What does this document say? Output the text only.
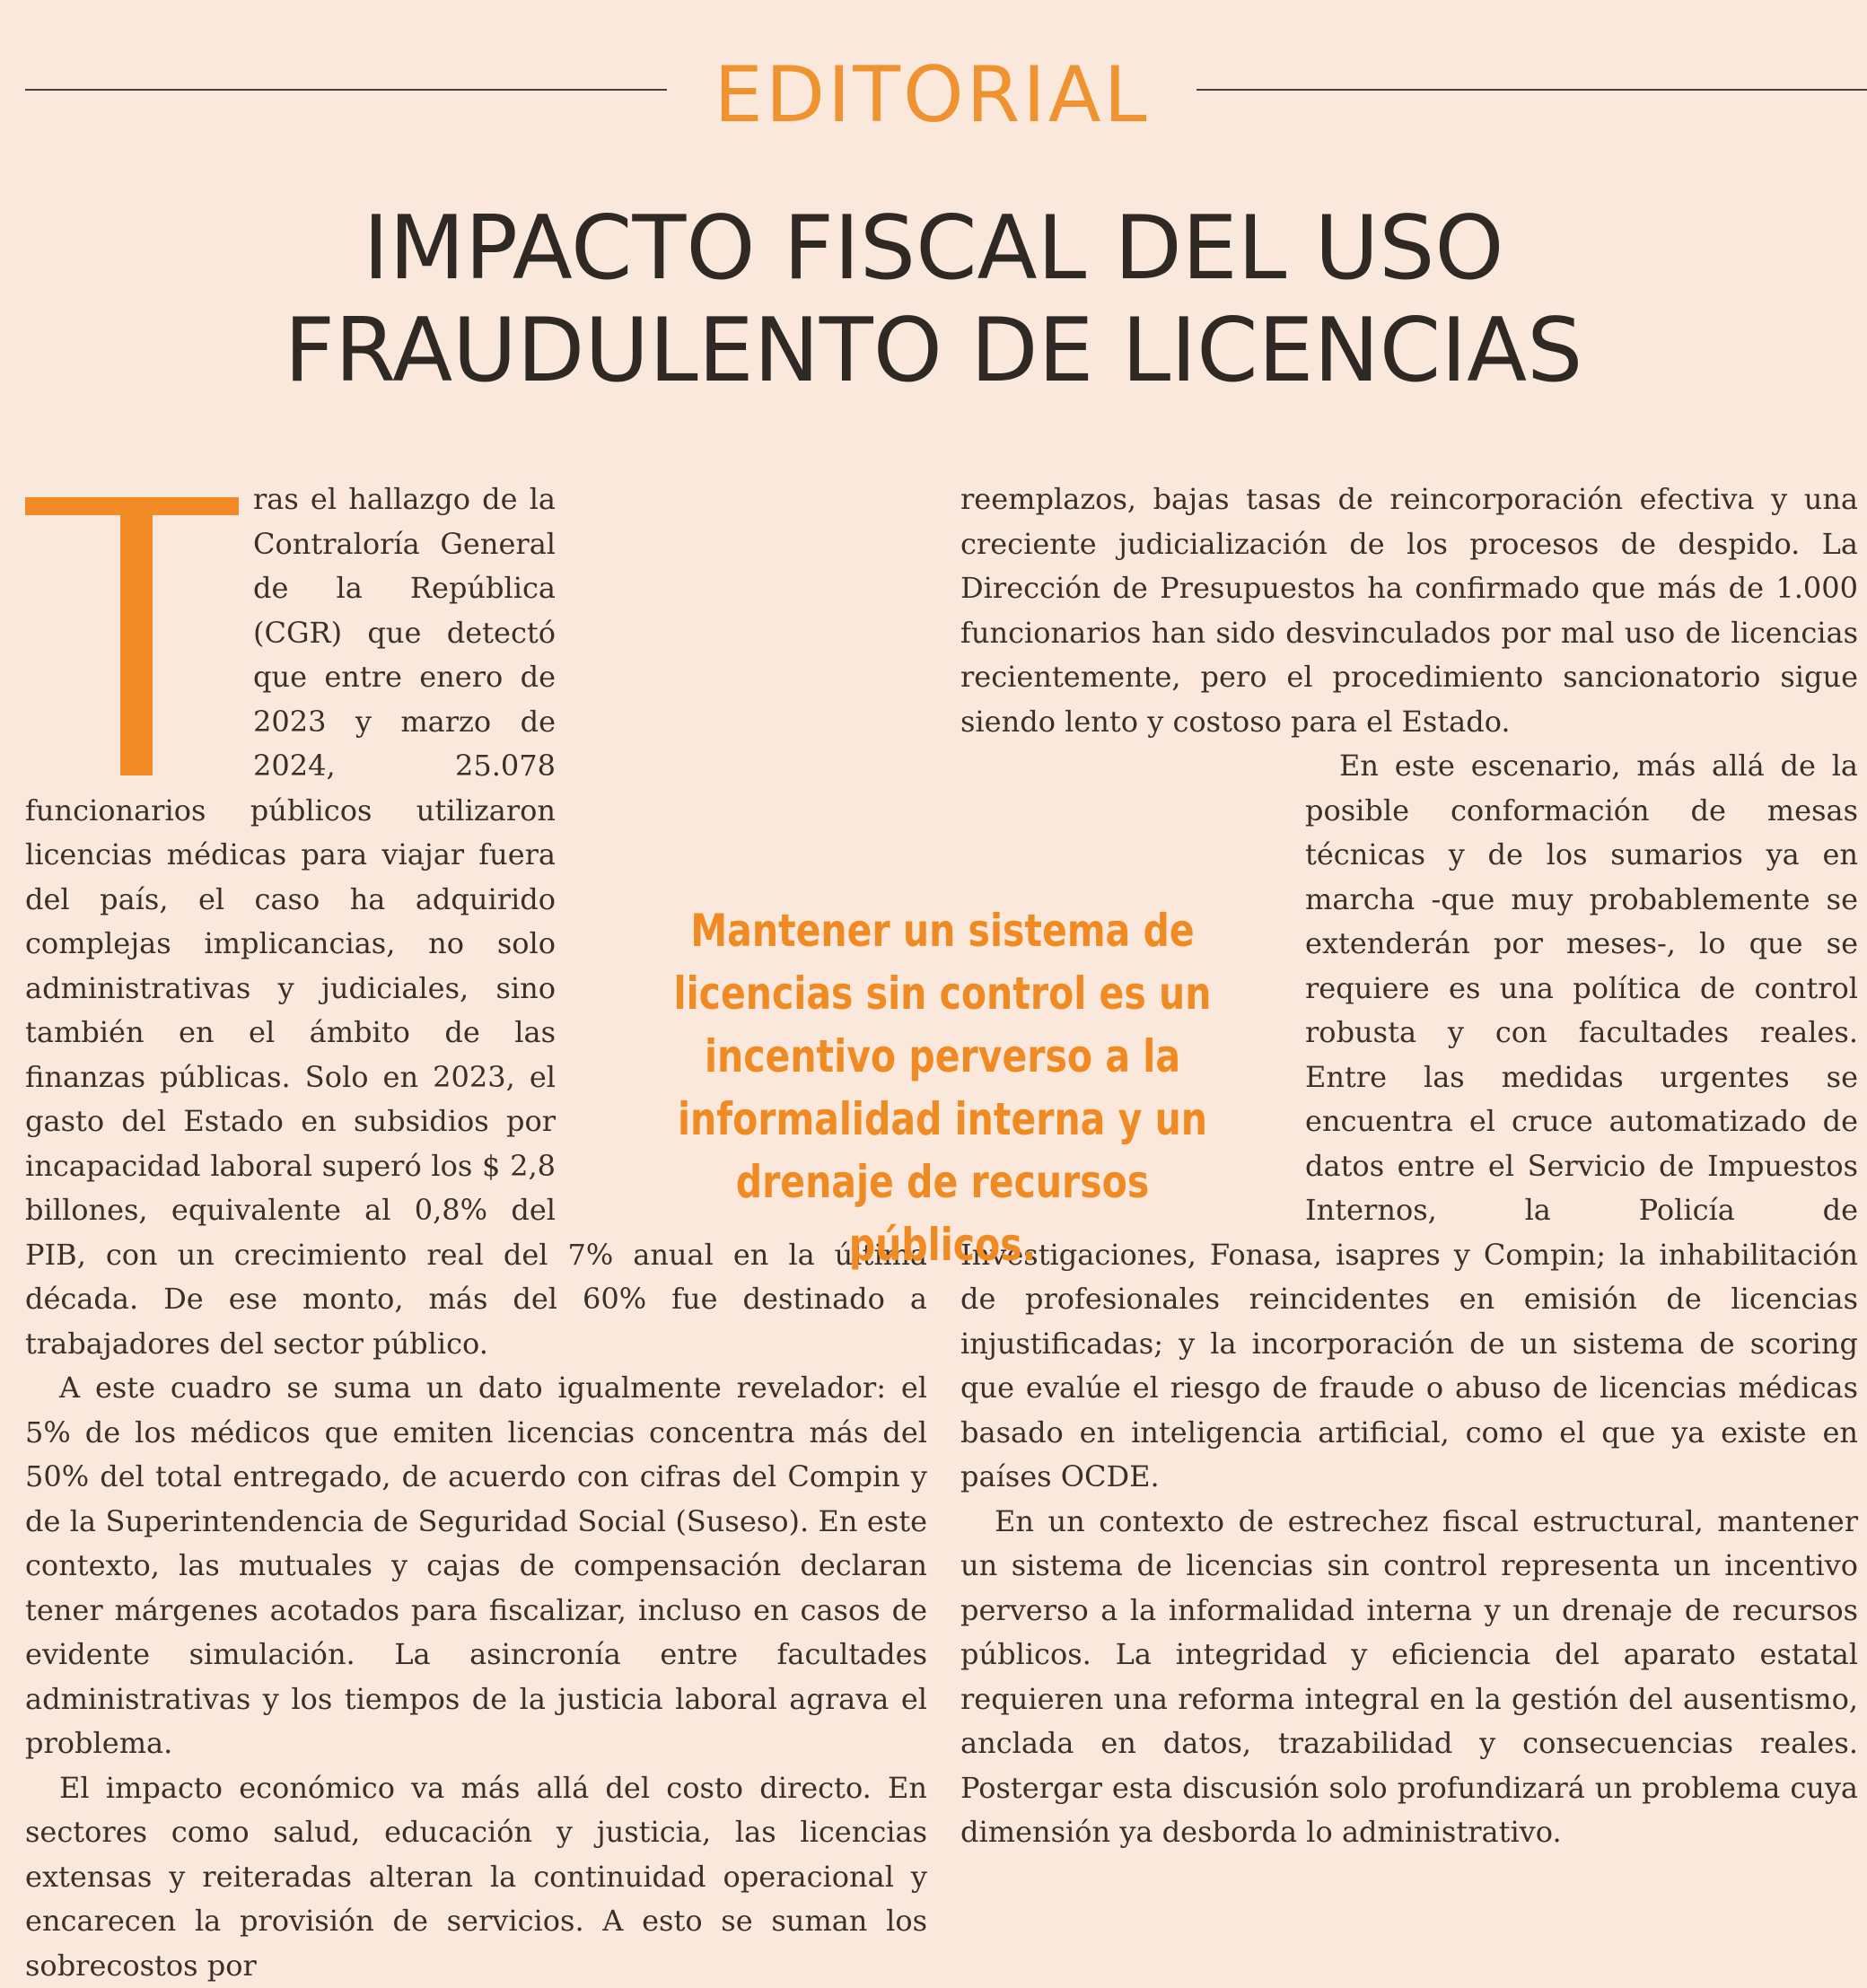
EDITORIAL
IMPACTO FISCAL DEL USO
FRAUDULENTO DE LICENCIAS

ras el hallazgo de la Contraloría General de la República (CGR) que detectó que entre enero de 2023 y marzo de 2024, 25.078 funcionarios públicos utilizaron licencias médicas para viajar fuera del país, el caso ha adquirido complejas implicancias, no solo administrativas y judiciales, sino también en el ámbito de las finanzas públicas. Solo en 2023, el gasto del Estado en subsidios por incapacidad laboral superó los $ 2,8 billones, equivalente al 0,8% del PIB, con un crecimiento real del 7% anual en la última década. De ese monto, más del 60% fue destinado a trabajadores del sector público.

A este cuadro se suma un dato igualmente revelador: el 5% de los médicos que emiten licencias concentra más del 50% del total entregado, de acuerdo con cifras del Compin y de la Superintendencia de Seguridad Social (Suseso). En este contexto, las mutuales y cajas de compensación declaran tener márgenes acotados para fiscalizar, incluso en casos de evidente simulación. La asincronía entre facultades administrativas y los tiempos de la justicia laboral agrava el problema.

El impacto económico va más allá del costo directo. En sectores como salud, educación y justicia, las licencias extensas y reiteradas alteran la continuidad operacional y encarecen la provisión de servicios. A esto se suman los sobrecostos por

reemplazos, bajas tasas de reincorporación efectiva y una creciente judicialización de los procesos de despido. La Dirección de Presupuestos ha confirmado que más de 1.000 funcionarios han sido desvinculados por mal uso de licencias recientemente, pero el procedimiento sancionatorio sigue siendo lento y costoso para el Estado.

En este escenario, más allá de la posible conformación de mesas técnicas y de los sumarios ya en marcha -que muy probablemente se extenderán por meses-, lo que se requiere es una política de control robusta y con facultades reales. Entre las medidas urgentes se encuentra el cruce automatizado de datos entre el Servicio de Impuestos Internos, la Policía de Investigaciones, Fonasa, isapres y Compin; la inhabilitación de profesionales reincidentes en emisión de licencias injustificadas; y la incorporación de un sistema de scoring que evalúe el riesgo de fraude o abuso de licencias médicas basado en inteligencia artificial, como el que ya existe en países OCDE.

En un contexto de estrechez fiscal estructural, mantener un sistema de licencias sin control representa un incentivo perverso a la informalidad interna y un drenaje de recursos públicos. La integridad y eficiencia del aparato estatal requieren una reforma integral en la gestión del ausentismo, anclada en datos, trazabilidad y consecuencias reales. Postergar esta discusión solo profundizará un problema cuya dimensión ya desborda lo administrativo.

Mantener un sistema de licencias sin control es un incentivo perverso a la informalidad interna y un drenaje de recursos públicos.
